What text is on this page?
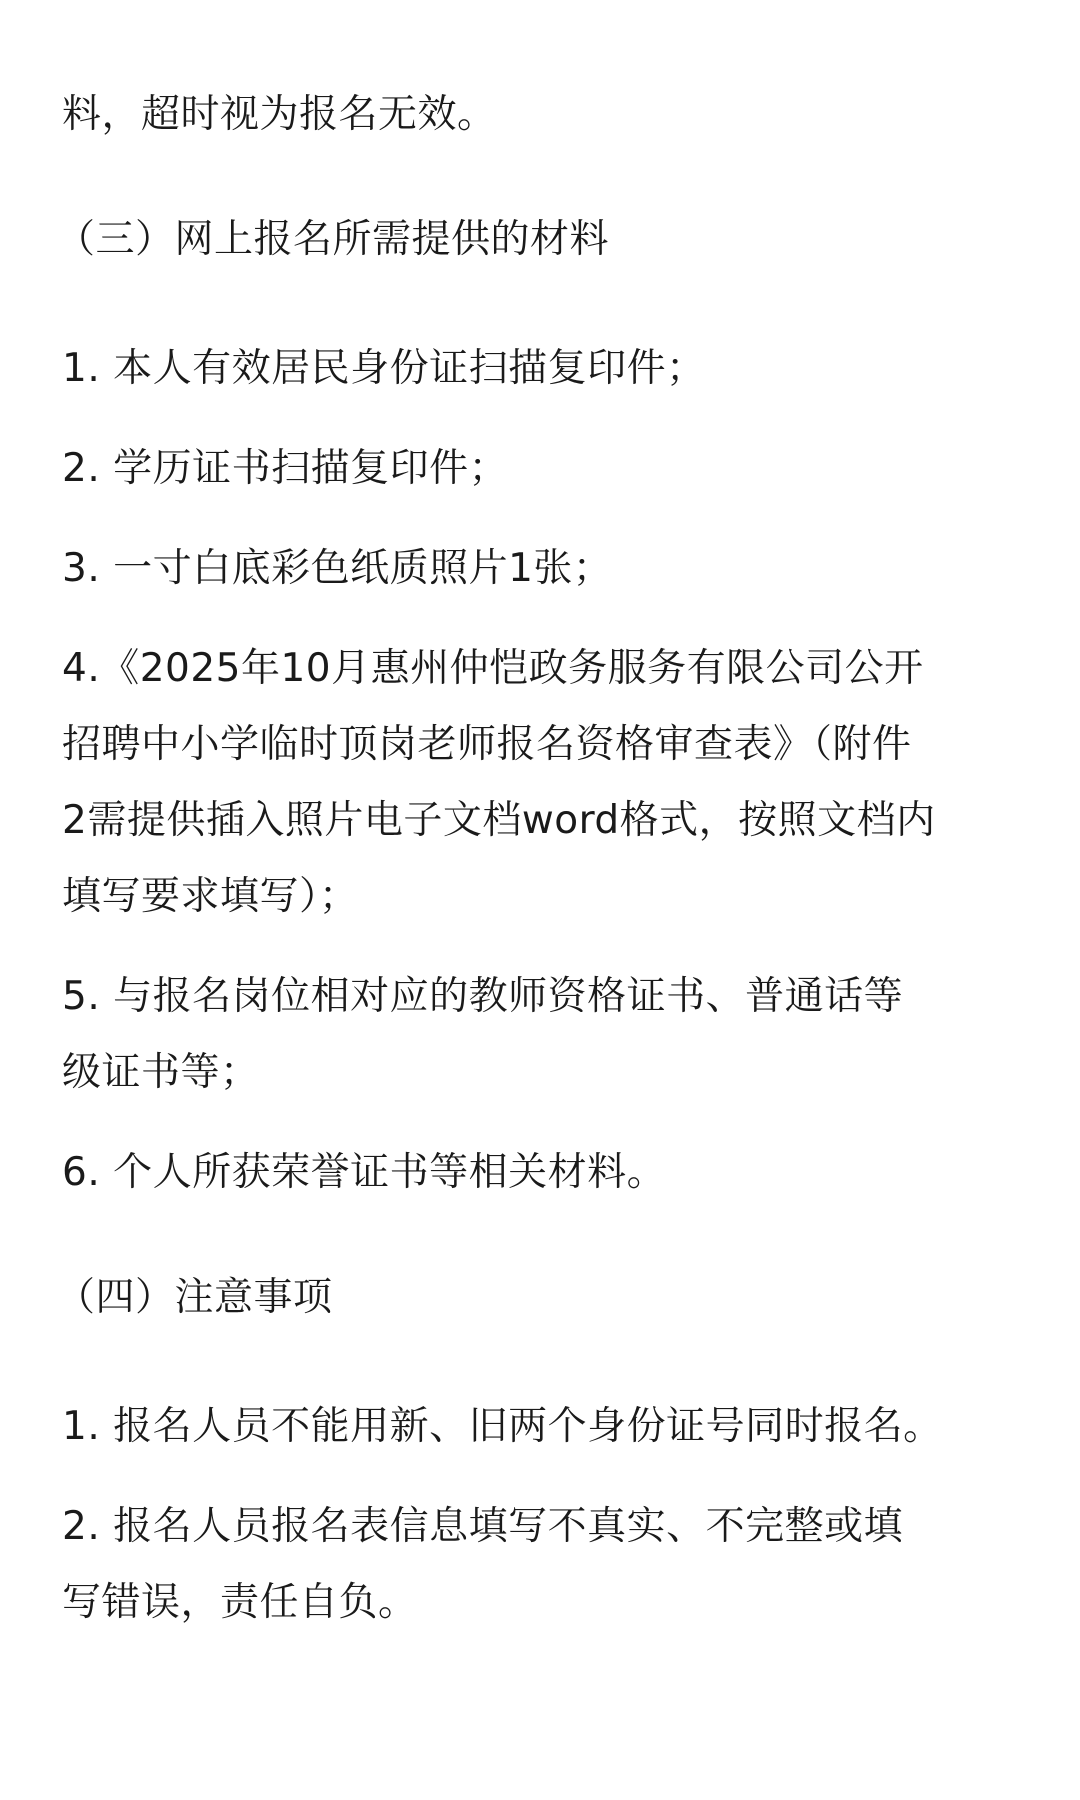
料，超时视为报名无效。
（三）网上报名所需提供的材料
1. 本人有效居民身份证扫描复印件；
2. 学历证书扫描复印件；
3. 一寸白底彩色纸质照片1张；
4.《2025年10月惠州仲恺政务服务有限公司公开
招聘中小学临时顶岗老师报名资格审查表》（附件
2需提供插入照片电子文档word格式，按照文档内
填写要求填写）；
5. 与报名岗位相对应的教师资格证书、普通话等
级证书等；
6. 个人所获荣誉证书等相关材料。
（四）注意事项
1. 报名人员不能用新、旧两个身份证号同时报名。
2. 报名人员报名表信息填写不真实、不完整或填
写错误，责任自负。
